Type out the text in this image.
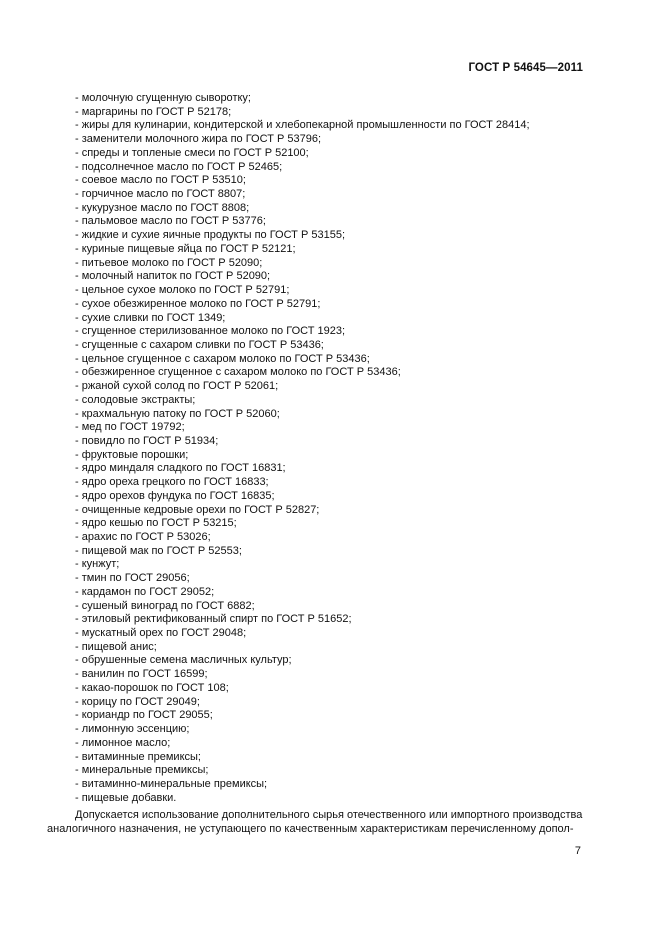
ГОСТ Р 54645—2011
- молочную сгущенную сыворотку;
- маргарины по ГОСТ Р 52178;
- жиры для кулинарии, кондитерской и хлебопекарной промышленности по ГОСТ 28414;
- заменители молочного жира по ГОСТ Р 53796;
- спреды и топленые смеси по ГОСТ Р 52100;
- подсолнечное масло по ГОСТ Р 52465;
- соевое масло по ГОСТ Р 53510;
- горчичное масло по ГОСТ 8807;
- кукурузное масло по ГОСТ 8808;
- пальмовое масло по ГОСТ Р 53776;
- жидкие и сухие яичные продукты по ГОСТ Р 53155;
- куриные пищевые яйца по ГОСТ Р 52121;
- питьевое молоко по ГОСТ Р 52090;
- молочный напиток по ГОСТ Р 52090;
- цельное сухое молоко по ГОСТ Р 52791;
- сухое обезжиренное молоко по ГОСТ Р 52791;
- сухие сливки по ГОСТ 1349;
- сгущенное стерилизованное молоко по ГОСТ 1923;
- сгущенные с сахаром сливки по ГОСТ Р 53436;
- цельное сгущенное с сахаром молоко по ГОСТ Р 53436;
- обезжиренное сгущенное с сахаром молоко по ГОСТ Р 53436;
- ржаной сухой солод по ГОСТ Р 52061;
- солодовые экстракты;
- крахмальную патоку по ГОСТ Р 52060;
- мед по ГОСТ 19792;
- повидло по ГОСТ Р 51934;
- фруктовые порошки;
- ядро миндаля сладкого по ГОСТ 16831;
- ядро ореха грецкого по ГОСТ 16833;
- ядро орехов фундука по ГОСТ 16835;
- очищенные кедровые орехи по ГОСТ Р 52827;
- ядро кешью по ГОСТ Р 53215;
- арахис по ГОСТ Р 53026;
- пищевой мак по ГОСТ Р 52553;
- кунжут;
- тмин по ГОСТ 29056;
- кардамон по ГОСТ 29052;
- сушеный виноград по ГОСТ 6882;
- этиловый ректификованный спирт по ГОСТ Р 51652;
- мускатный орех по ГОСТ 29048;
- пищевой анис;
- обрушенные семена масличных культур;
- ванилин по ГОСТ 16599;
- какао-порошок по ГОСТ 108;
- корицу по ГОСТ 29049;
- кориандр по ГОСТ 29055;
- лимонную эссенцию;
- лимонное масло;
- витаминные премиксы;
- минеральные премиксы;
- витаминно-минеральные премиксы;
- пищевые добавки.
Допускается использование дополнительного сырья отечественного или импортного производства
аналогичного назначения, не уступающего по качественным характеристикам перечисленному допол-
7
